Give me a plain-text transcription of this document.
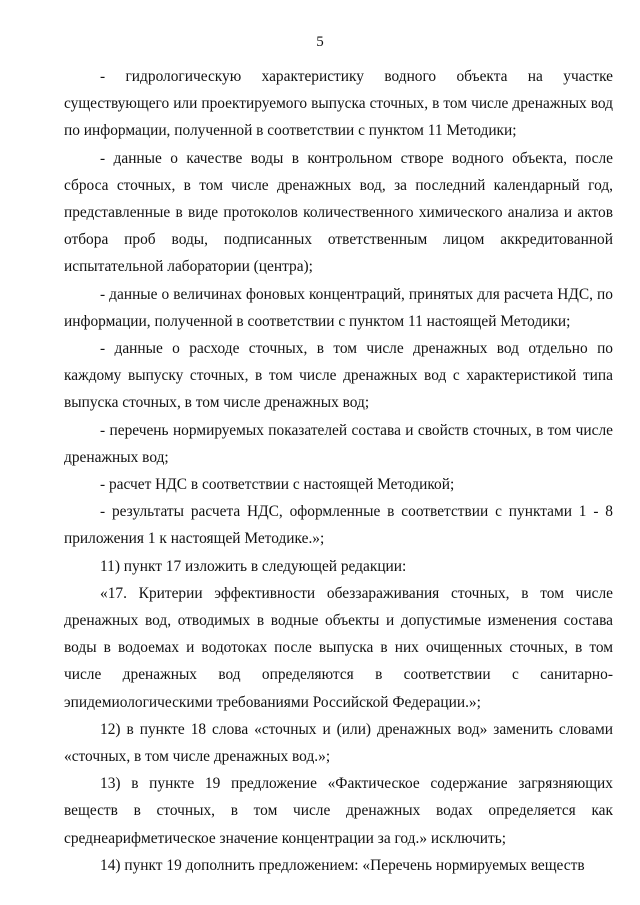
5

- гидрологическую характеристику водного объекта на участке существующего или проектируемого выпуска сточных, в том числе дренажных вод по информации, полученной в соответствии с пунктом 11 Методики;

- данные о качестве воды в контрольном створе водного объекта, после сброса сточных, в том числе дренажных вод, за последний календарный год, представленные в виде протоколов количественного химического анализа и актов отбора проб воды, подписанных ответственным лицом аккредитованной испытательной лаборатории (центра);

- данные о величинах фоновых концентраций, принятых для расчета НДС, по информации, полученной в соответствии с пунктом 11 настоящей Методики;

- данные о расходе сточных, в том числе дренажных вод отдельно по каждому выпуску сточных, в том числе дренажных вод с характеристикой типа выпуска сточных, в том числе дренажных вод;

- перечень нормируемых показателей состава и свойств сточных, в том числе дренажных вод;

- расчет НДС в соответствии с настоящей Методикой;

- результаты расчета НДС, оформленные в соответствии с пунктами 1 - 8 приложения 1 к настоящей Методике.»;

11) пункт 17 изложить в следующей редакции:

«17. Критерии эффективности обеззараживания сточных, в том числе дренажных вод, отводимых в водные объекты и допустимые изменения состава воды в водоемах и водотоках после выпуска в них очищенных сточных, в том числе дренажных вод определяются в соответствии с санитарно-эпидемиологическими требованиями Российской Федерации.»;

12) в пункте 18 слова «сточных и (или) дренажных вод» заменить словами «сточных, в том числе дренажных вод.»;

13) в пункте 19 предложение «Фактическое содержание загрязняющих веществ в сточных, в том числе дренажных водах определяется как среднеарифметическое значение концентрации за год.» исключить;

14) пункт 19 дополнить предложением: «Перечень нормируемых веществ
